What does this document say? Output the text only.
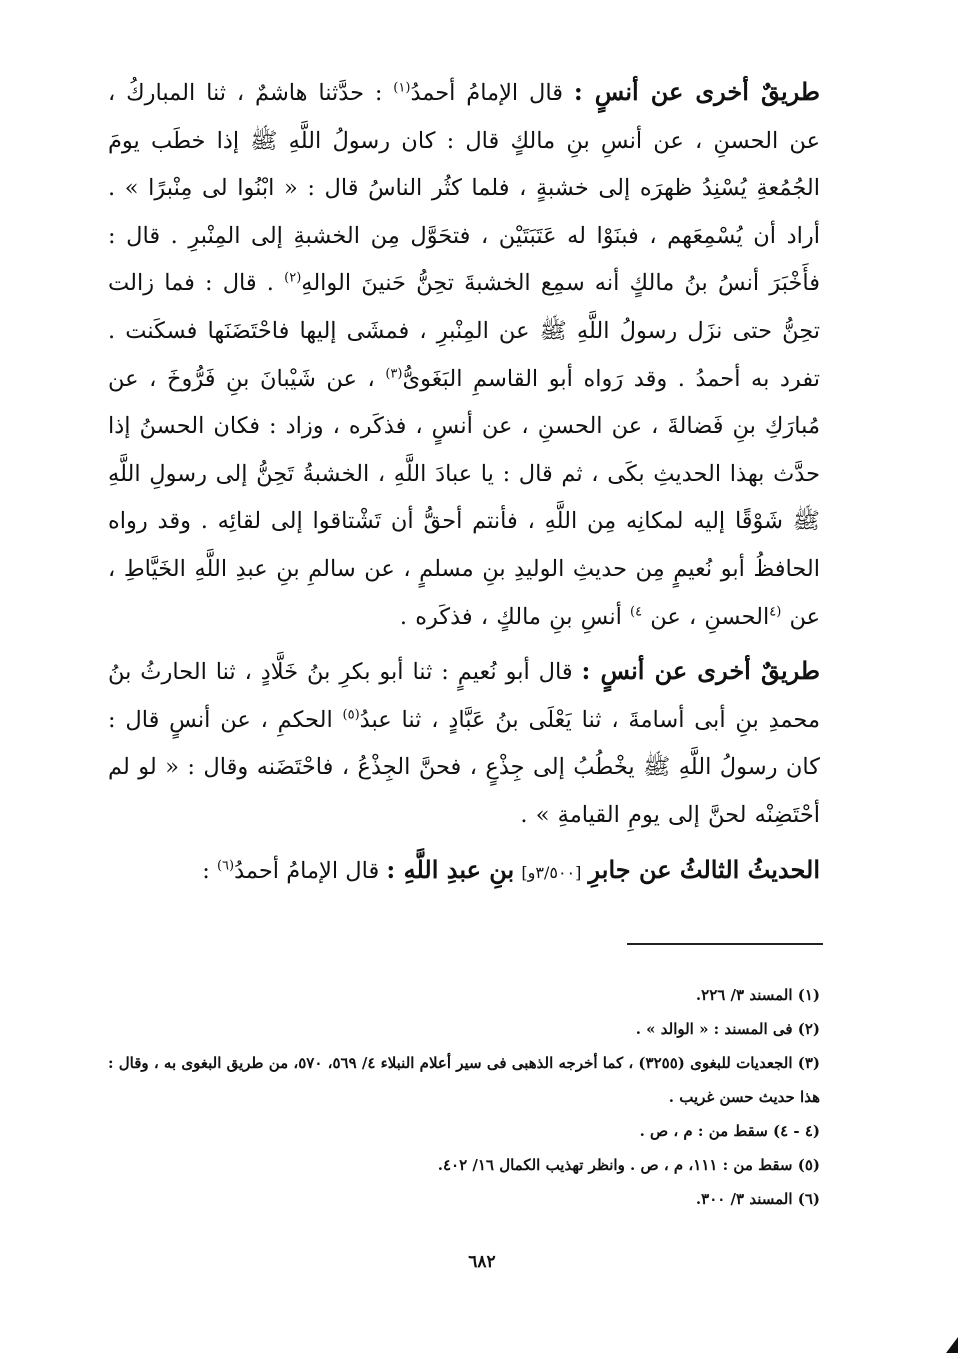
طريقٌ أخرى عن أنسٍ : قال الإمامُ أحمدُ$^{(١)}$ : حدَّثنا هاشمٌ ، ثنا المباركُ ، عن الحسنِ ، عن أنسِ بنِ مالكٍ قال : كان رسولُ اللَّهِ ﷺ إذا خطَب يومَ الجُمُعةِ يُسْنِدُ ظهرَه إلى خشبةٍ ، فلما كثُر الناسُ قال : « ابْنُوا لى مِنْبرًا » . أراد أن يُسْمِعَهم ، فبنَوْا له عَتَبَتَيْن ، فتحَوَّل مِن الخشبةِ إلى المِنْبرِ . قال : فأَخْبَرَ أنسُ بنُ مالكٍ أنه سمِع الخشبةَ تحِنُّ حَنينَ الوالهِ$^{(٢)}$ . قال : فما زالت تحِنُّ حتى نزَل رسولُ اللَّهِ ﷺ عن المِنْبرِ ، فمشَى إليها فاحْتَضَنَها فسكَنت . تفرد به أحمدُ . وقد رَواه أبو القاسمِ البَغَوىُّ$^{(٣)}$ ، عن شَيْبانَ بنِ فَرُّوخَ ، عن مُبارَكِ بنِ فَضالةَ ، عن الحسنِ ، عن أنسٍ ، فذكَره ، وزاد : فكان الحسنُ إذا حدَّث بهذا الحديثِ بكَى ، ثم قال : يا عبادَ اللَّهِ ، الخشبةُ تَحِنُّ إلى رسولِ اللَّهِ ﷺ شَوْقًا إليه لمكانِه مِن اللَّهِ ، فأنتم أحقُّ أن تَشْتاقوا إلى لقائِه . وقد رواه الحافظُ أبو نُعيمٍ مِن حديثِ الوليدِ بنِ مسلمٍ ، عن سالمِ بنِ عبدِ اللَّهِ الخَيَّاطِ ، عن $^{(٤}$الحسنِ ، عن $^{٤)}$ أنسِ بنِ مالكٍ ، فذكَره .

طريقٌ أخرى عن أنسٍ : قال أبو نُعيمٍ : ثنا أبو بكرِ بنُ خَلَّادٍ ، ثنا الحارثُ بنُ محمدِ بنِ أبى أسامةَ ، ثنا يَعْلَى بنُ عَبَّادٍ ، ثنا عبدُ$^{(٥)}$ الحكمِ ، عن أنسٍ قال : كان رسولُ اللَّهِ ﷺ يخْطُبُ إلى جِذْعٍ ، فحنَّ الجِذْعُ ، فاحْتَضَنه وقال : « لو لم أحْتَضِنْه لحنَّ إلى يومِ القيامةِ » .

الحديثُ الثالثُ عن جابرِ [٣/٥٠٠و] بنِ عبدِ اللَّهِ : قال الإمامُ أحمدُ$^{(٦)}$ :

(١) المسند ٣/ ٢٢٦.

(٢) فى المسند : « الوالد » .

(٣) الجعديات للبغوى (٣٢٥٥) ، كما أخرجه الذهبى فى سير أعلام النبلاء ٤/ ٥٦٩، ٥٧٠، من طريق البغوى به ، وقال : هذا حديث حسن غريب .

(٤ - ٤) سقط من : م ، ص .

(٥) سقط من : ١١١، م ، ص . وانظر تهذيب الكمال ١٦/ ٤٠٢.

(٦) المسند ٣/ ٣٠٠.

٦٨٢
